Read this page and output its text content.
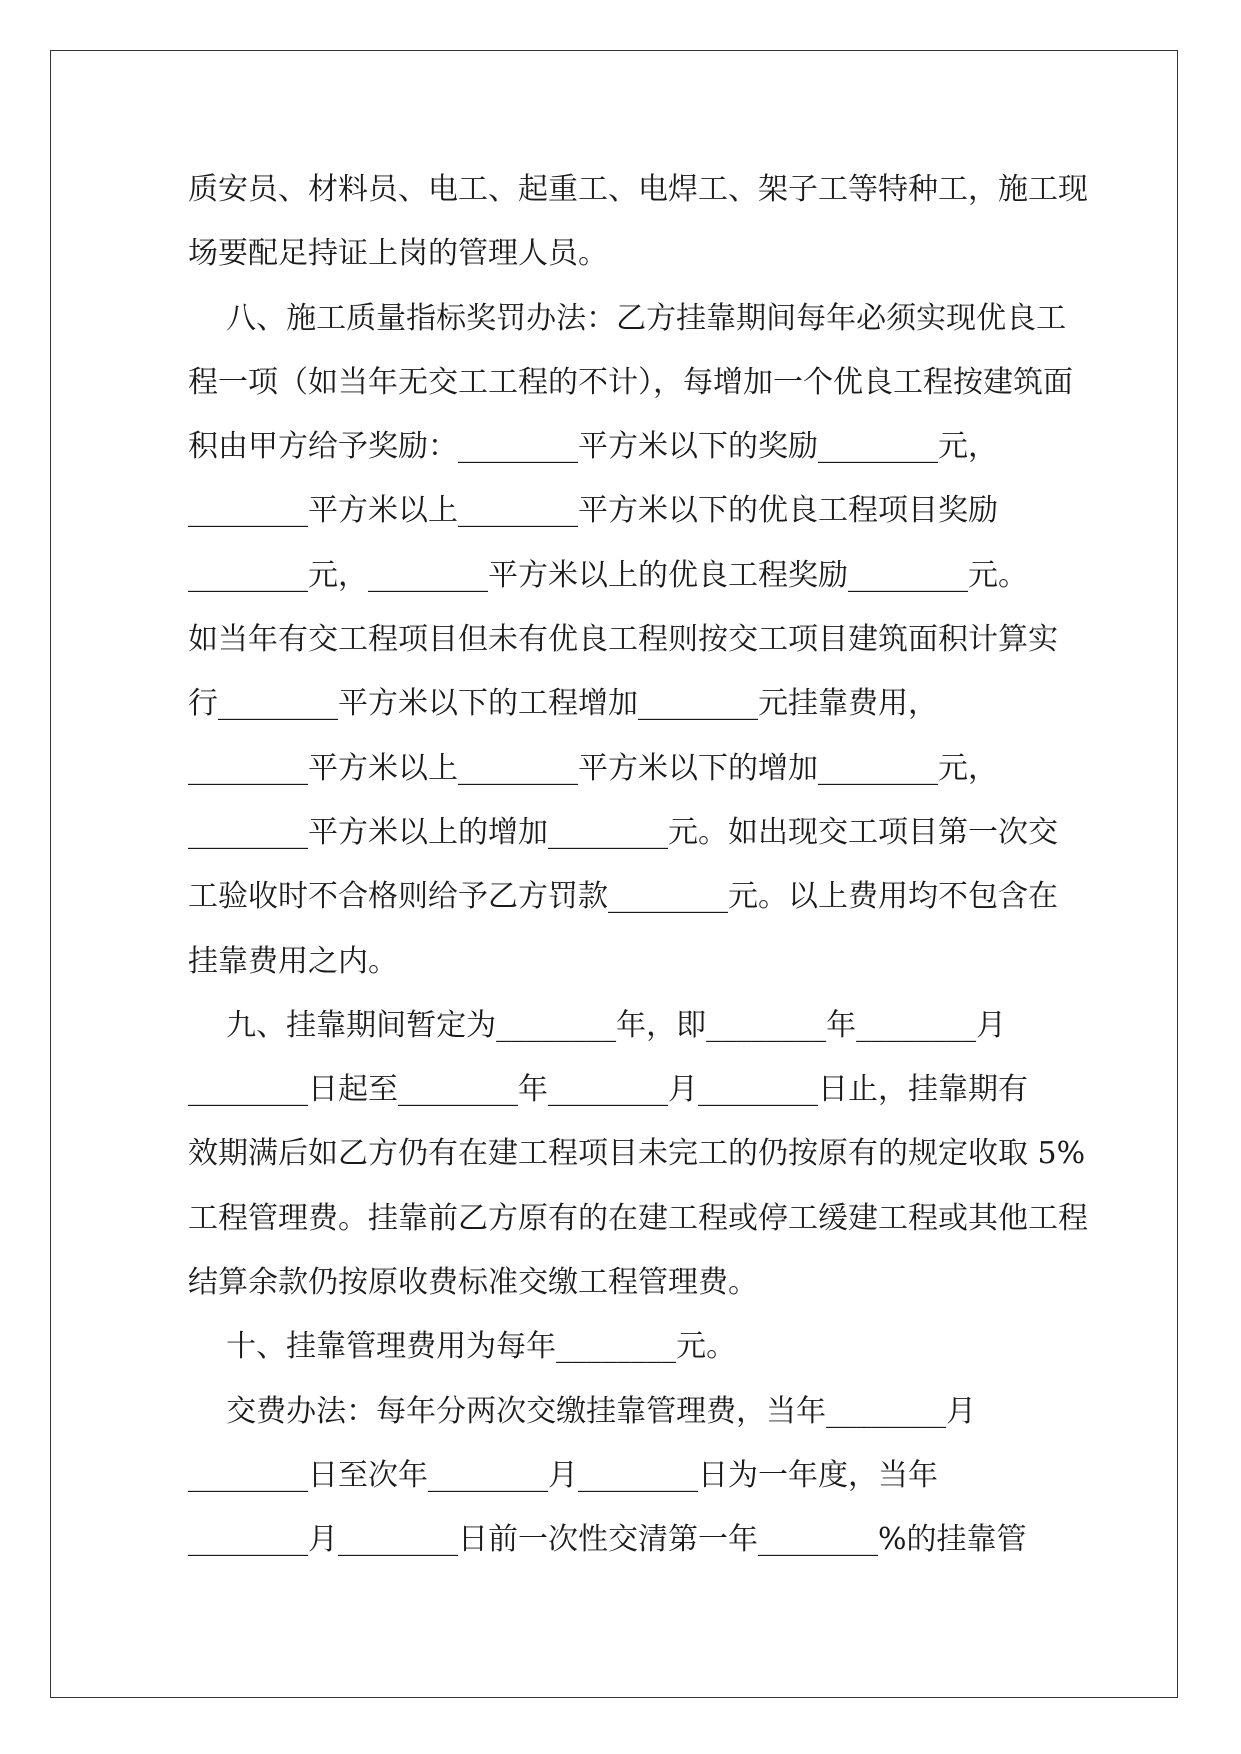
质安员、材料员、电工、起重工、电焊工、架子工等特种工，施工现
场要配足持证上岗的管理人员。
八、施工质量指标奖罚办法：乙方挂靠期间每年必须实现优良工
程一项（如当年无交工工程的不计），每增加一个优良工程按建筑面
积由甲方给予奖励：________平方米以下的奖励________元，
________平方米以上________平方米以下的优良工程项目奖励
________元，________平方米以上的优良工程奖励________元。
如当年有交工程项目但未有优良工程则按交工项目建筑面积计算实
行________平方米以下的工程增加________元挂靠费用，
________平方米以上________平方米以下的增加________元，
________平方米以上的增加________元。如出现交工项目第一次交
工验收时不合格则给予乙方罚款________元。以上费用均不包含在
挂靠费用之内。
九、挂靠期间暂定为________年，即________年________月
________日起至________年________月________日止，挂靠期有
效期满后如乙方仍有在建工程项目未完工的仍按原有的规定收取 5%
工程管理费。挂靠前乙方原有的在建工程或停工缓建工程或其他工程
结算余款仍按原收费标准交缴工程管理费。
十、挂靠管理费用为每年________元。
交费办法：每年分两次交缴挂靠管理费，当年________月
________日至次年________月________日为一年度，当年
________月________日前一次性交清第一年________%的挂靠管
